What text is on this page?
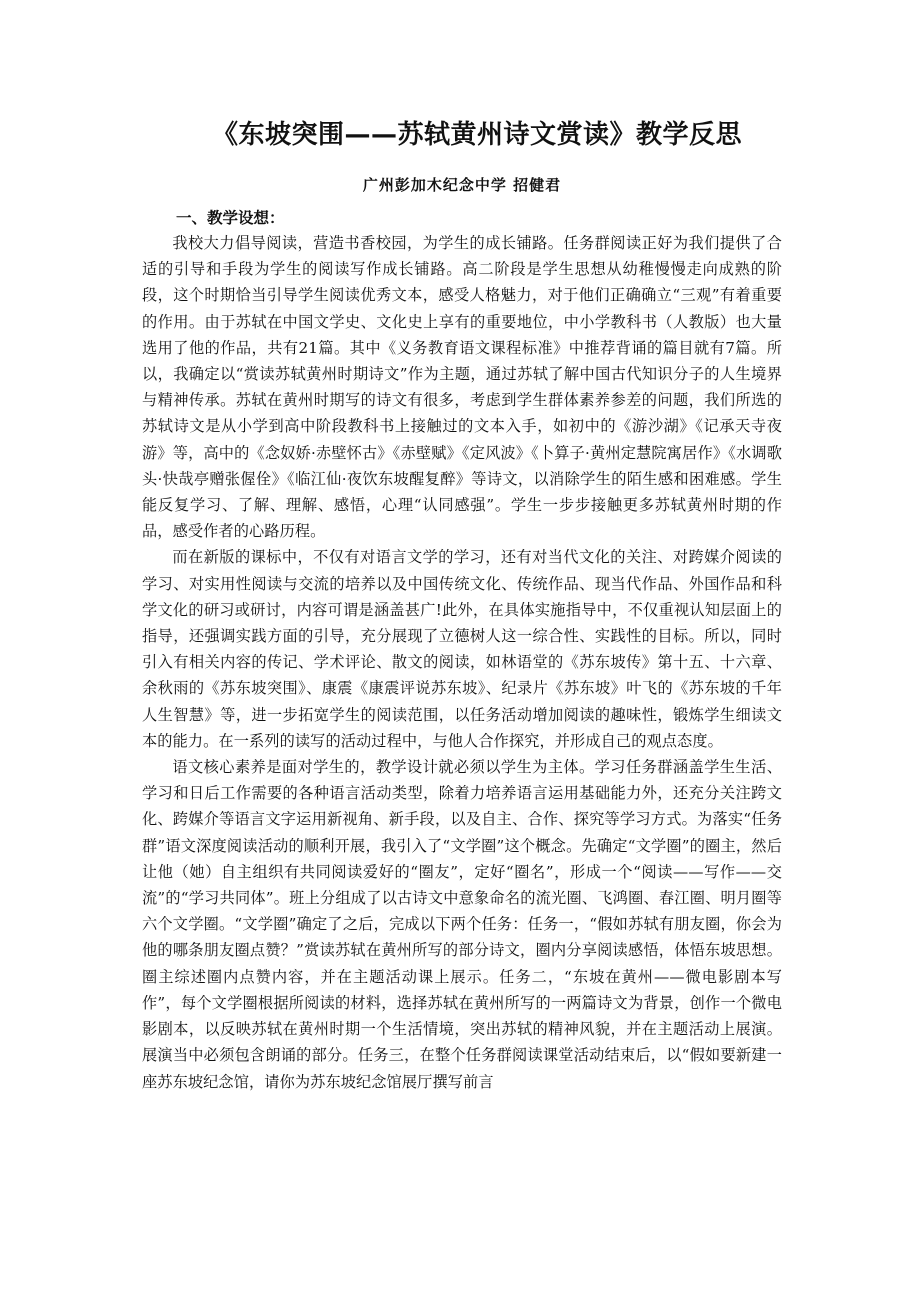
《东坡突围——苏轼黄州诗文赏读》教学反思
广州彭加木纪念中学 招健君
一、教学设想：

我校大力倡导阅读，营造书香校园，为学生的成长铺路。任务群阅读正好为我们提供了合适的引导和手段为学生的阅读写作成长铺路。高二阶段是学生思想从幼稚慢慢走向成熟的阶段，这个时期恰当引导学生阅读优秀文本，感受人格魅力，对于他们正确确立“三观”有着重要的作用。由于苏轼在中国文学史、文化史上享有的重要地位，中小学教科书（人教版）也大量选用了他的作品，共有21篇。其中《义务教育语文课程标准》中推荐背诵的篇目就有7篇。所以，我确定以“赏读苏轼黄州时期诗文”作为主题，通过苏轼了解中国古代知识分子的人生境界与精神传承。苏轼在黄州时期写的诗文有很多，考虑到学生群体素养参差的问题，我们所选的苏轼诗文是从小学到高中阶段教科书上接触过的文本入手，如初中的《游沙湖》《记承天寺夜游》等，高中的《念奴娇·赤壁怀古》《赤壁赋》《定风波》《卜算子·黄州定慧院寓居作》《水调歌头·快哉亭赠张偓佺》《临江仙·夜饮东坡醒复醉》等诗文，以消除学生的陌生感和困难感。学生能反复学习、了解、理解、感悟，心理“认同感强”。学生一步步接触更多苏轼黄州时期的作品，感受作者的心路历程。

而在新版的课标中，不仅有对语言文学的学习，还有对当代文化的关注、对跨媒介阅读的学习、对实用性阅读与交流的培养以及中国传统文化、传统作品、现当代作品、外国作品和科学文化的研习或研讨，内容可谓是涵盖甚广!此外，在具体实施指导中，不仅重视认知层面上的指导，还强调实践方面的引导，充分展现了立德树人这一综合性、实践性的目标。所以，同时引入有相关内容的传记、学术评论、散文的阅读，如林语堂的《苏东坡传》第十五、十六章、余秋雨的《苏东坡突围》、康震《康震评说苏东坡》、纪录片《苏东坡》叶飞的《苏东坡的千年人生智慧》等，进一步拓宽学生的阅读范围，以任务活动增加阅读的趣味性，锻炼学生细读文本的能力。在一系列的读写的活动过程中，与他人合作探究，并形成自己的观点态度。

语文核心素养是面对学生的，教学设计就必须以学生为主体。学习任务群涵盖学生生活、学习和日后工作需要的各种语言活动类型，除着力培养语言运用基础能力外，还充分关注跨文化、跨媒介等语言文字运用新视角、新手段，以及自主、合作、探究等学习方式。为落实“任务群”语文深度阅读活动的顺利开展，我引入了“文学圈”这个概念。先确定“文学圈”的圈主，然后让他（她）自主组织有共同阅读爱好的“圈友”，定好“圈名”，形成一个“阅读——写作——交流”的“学习共同体”。班上分组成了以古诗文中意象命名的流光圈、飞鸿圈、春江圈、明月圈等六个文学圈。“文学圈”确定了之后，完成以下两个任务：任务一，“假如苏轼有朋友圈，你会为他的哪条朋友圈点赞？”赏读苏轼在黄州所写的部分诗文，圈内分享阅读感悟，体悟东坡思想。圈主综述圈内点赞内容，并在主题活动课上展示。任务二，“东坡在黄州——微电影剧本写作”，每个文学圈根据所阅读的材料，选择苏轼在黄州所写的一两篇诗文为背景，创作一个微电影剧本，以反映苏轼在黄州时期一个生活情境，突出苏轼的精神风貌，并在主题活动上展演。展演当中必须包含朗诵的部分。任务三，在整个任务群阅读课堂活动结束后，以“假如要新建一座苏东坡纪念馆，请你为苏东坡纪念馆展厅撰写前言
